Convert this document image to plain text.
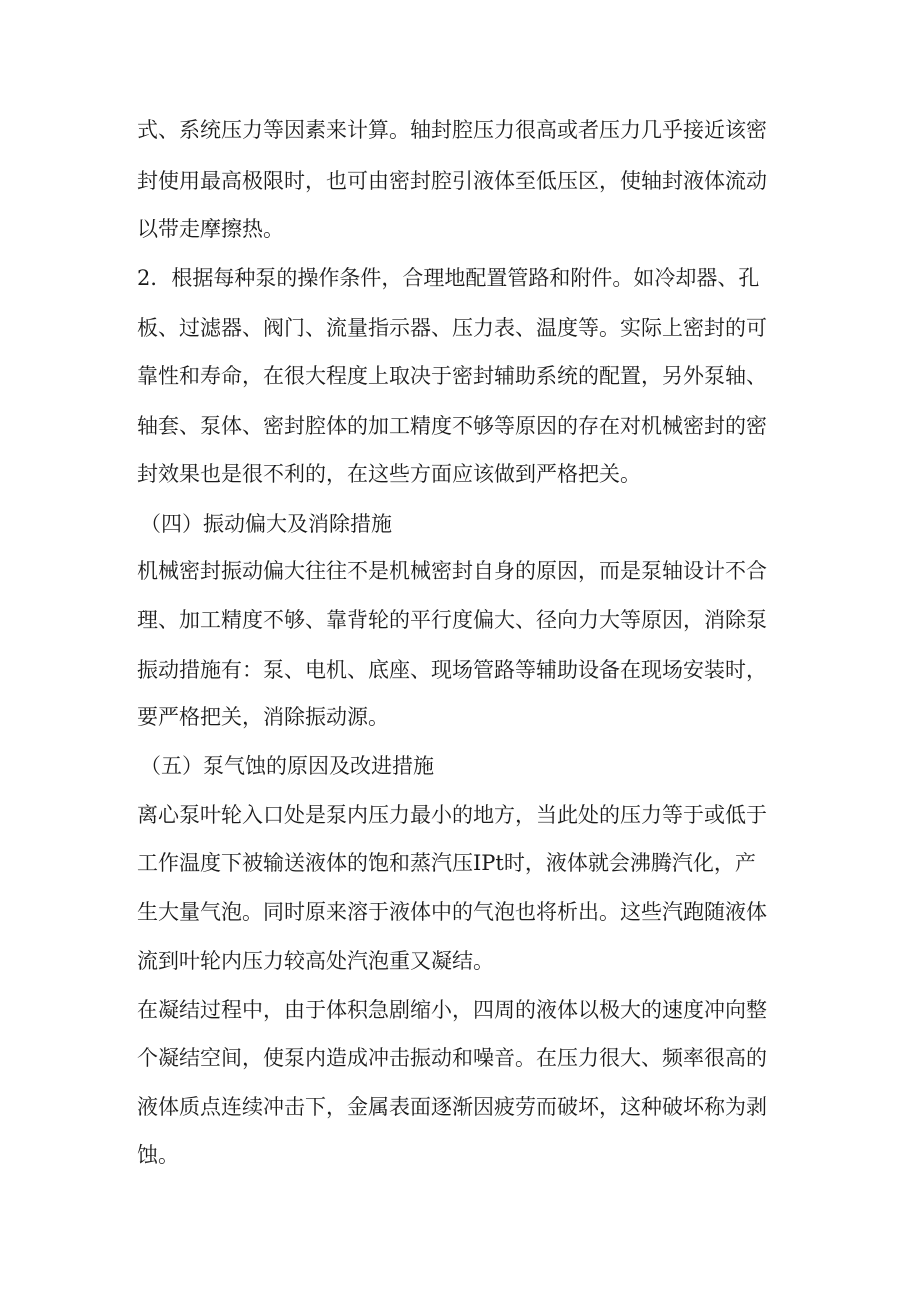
式、系统压力等因素来计算。轴封腔压力很高或者压力几乎接近该密

封使用最高极限时，也可由密封腔引液体至低压区，使轴封液体流动

以带走摩擦热。

2．根据每种泵的操作条件，合理地配置管路和附件。如冷却器、孔

板、过滤器、阀门、流量指示器、压力表、温度等。实际上密封的可

靠性和寿命，在很大程度上取决于密封辅助系统的配置，另外泵轴、

轴套、泵体、密封腔体的加工精度不够等原因的存在对机械密封的密

封效果也是很不利的，在这些方面应该做到严格把关。

（四）振动偏大及消除措施

机械密封振动偏大往往不是机械密封自身的原因，而是泵轴设计不合

理、加工精度不够、靠背轮的平行度偏大、径向力大等原因，消除泵

振动措施有：泵、电机、底座、现场管路等辅助设备在现场安装时，

要严格把关，消除振动源。

（五）泵气蚀的原因及改进措施

离心泵叶轮入口处是泵内压力最小的地方，当此处的压力等于或低于

工作温度下被输送液体的饱和蒸汽压IPt时，液体就会沸腾汽化，产

生大量气泡。同时原来溶于液体中的气泡也将析出。这些汽跑随液体

流到叶轮内压力较高处汽泡重又凝结。

在凝结过程中，由于体积急剧缩小，四周的液体以极大的速度冲向整

个凝结空间，使泵内造成冲击振动和噪音。在压力很大、频率很高的

液体质点连续冲击下，金属表面逐渐因疲劳而破坏，这种破坏称为剥

蚀。
